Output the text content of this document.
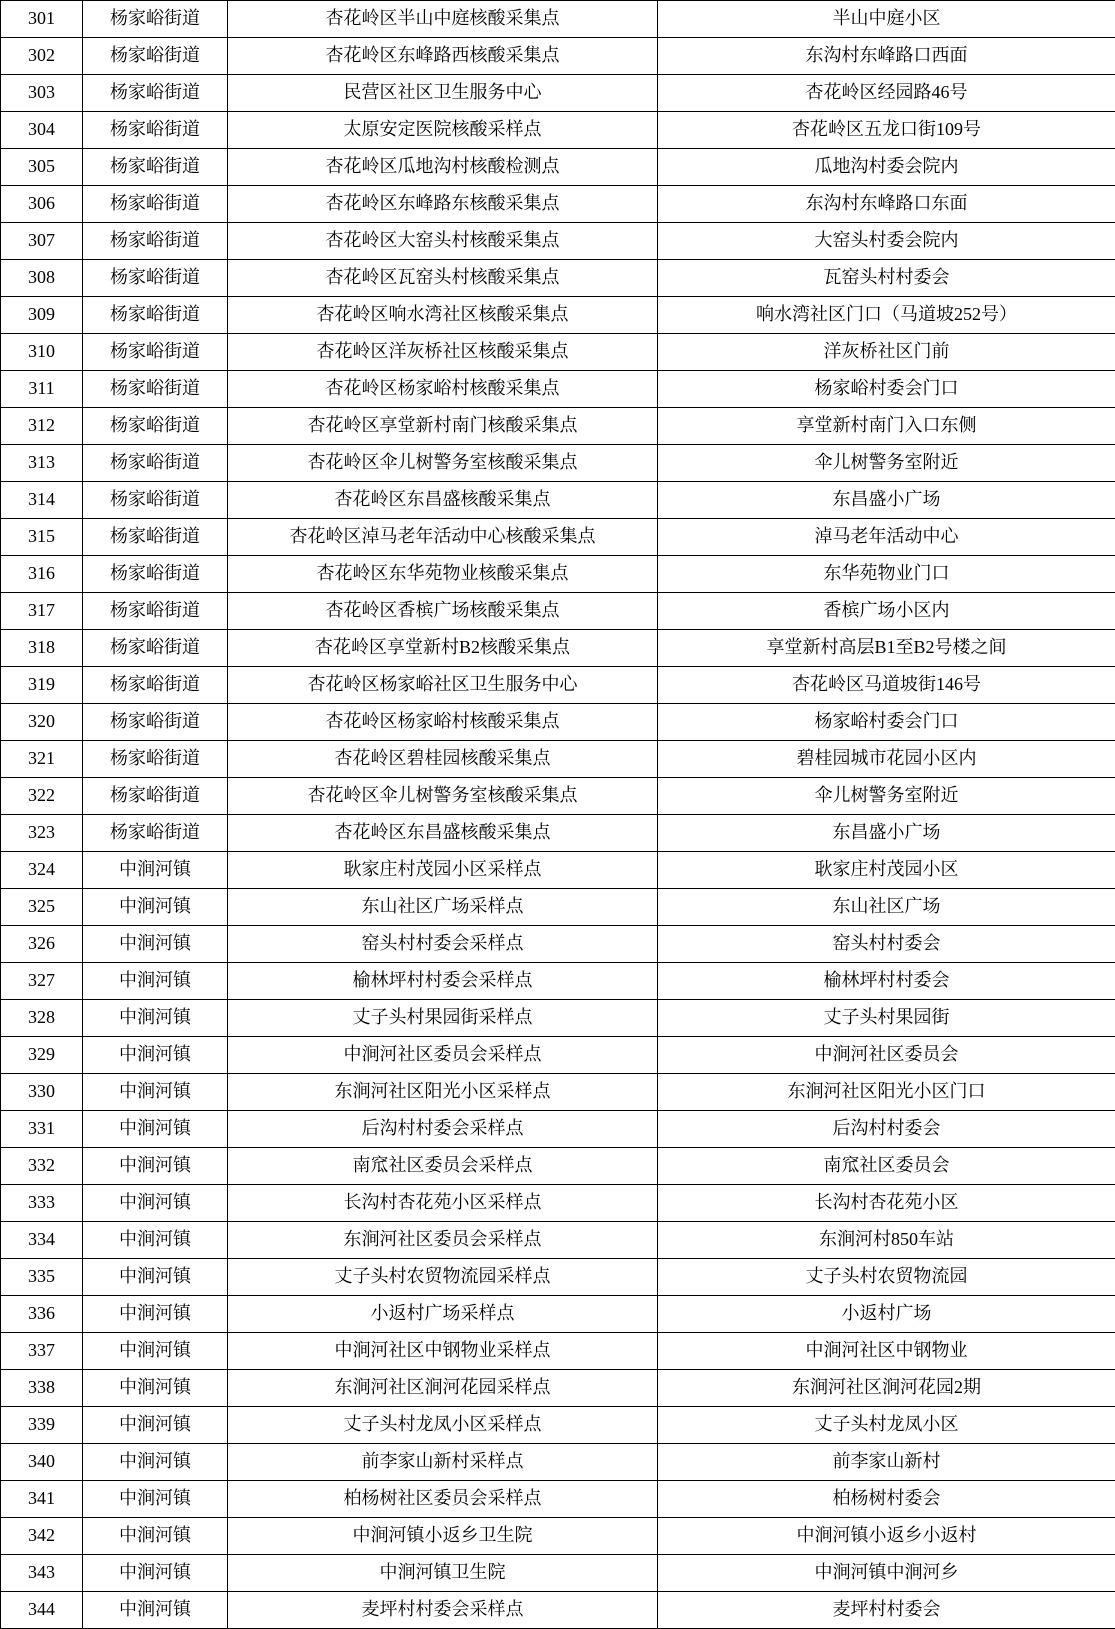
301	杨家峪街道	杏花岭区半山中庭核酸采集点	半山中庭小区
302	杨家峪街道	杏花岭区东峰路西核酸采集点	东沟村东峰路口西面
303	杨家峪街道	民营区社区卫生服务中心	杏花岭区经园路46号
304	杨家峪街道	太原安定医院核酸采样点	杏花岭区五龙口街109号
305	杨家峪街道	杏花岭区瓜地沟村核酸检测点	瓜地沟村委会院内
306	杨家峪街道	杏花岭区东峰路东核酸采集点	东沟村东峰路口东面
307	杨家峪街道	杏花岭区大窑头村核酸采集点	大窑头村委会院内
308	杨家峪街道	杏花岭区瓦窑头村核酸采集点	瓦窑头村村委会
309	杨家峪街道	杏花岭区响水湾社区核酸采集点	响水湾社区门口（马道坡252号）
310	杨家峪街道	杏花岭区洋灰桥社区核酸采集点	洋灰桥社区门前
311	杨家峪街道	杏花岭区杨家峪村核酸采集点	杨家峪村委会门口
312	杨家峪街道	杏花岭区享堂新村南门核酸采集点	享堂新村南门入口东侧
313	杨家峪街道	杏花岭区伞儿树警务室核酸采集点	伞儿树警务室附近
314	杨家峪街道	杏花岭区东昌盛核酸采集点	东昌盛小广场
315	杨家峪街道	杏花岭区淖马老年活动中心核酸采集点	淖马老年活动中心
316	杨家峪街道	杏花岭区东华苑物业核酸采集点	东华苑物业门口
317	杨家峪街道	杏花岭区香槟广场核酸采集点	香槟广场小区内
318	杨家峪街道	杏花岭区享堂新村B2核酸采集点	享堂新村高层B1至B2号楼之间
319	杨家峪街道	杏花岭区杨家峪社区卫生服务中心	杏花岭区马道坡街146号
320	杨家峪街道	杏花岭区杨家峪村核酸采集点	杨家峪村委会门口
321	杨家峪街道	杏花岭区碧桂园核酸采集点	碧桂园城市花园小区内
322	杨家峪街道	杏花岭区伞儿树警务室核酸采集点	伞儿树警务室附近
323	杨家峪街道	杏花岭区东昌盛核酸采集点	东昌盛小广场
324	中涧河镇	耿家庄村茂园小区采样点	耿家庄村茂园小区
325	中涧河镇	东山社区广场采样点	东山社区广场
326	中涧河镇	窑头村村委会采样点	窑头村村委会
327	中涧河镇	榆林坪村村委会采样点	榆林坪村村委会
328	中涧河镇	丈子头村果园街采样点	丈子头村果园街
329	中涧河镇	中涧河社区委员会采样点	中涧河社区委员会
330	中涧河镇	东涧河社区阳光小区采样点	东涧河社区阳光小区门口
331	中涧河镇	后沟村村委会采样点	后沟村村委会
332	中涧河镇	南窊社区委员会采样点	南窊社区委员会
333	中涧河镇	长沟村杏花苑小区采样点	长沟村杏花苑小区
334	中涧河镇	东涧河社区委员会采样点	东涧河村850车站
335	中涧河镇	丈子头村农贸物流园采样点	丈子头村农贸物流园
336	中涧河镇	小返村广场采样点	小返村广场
337	中涧河镇	中涧河社区中钢物业采样点	中涧河社区中钢物业
338	中涧河镇	东涧河社区涧河花园采样点	东涧河社区涧河花园2期
339	中涧河镇	丈子头村龙凤小区采样点	丈子头村龙凤小区
340	中涧河镇	前李家山新村采样点	前李家山新村
341	中涧河镇	柏杨树社区委员会采样点	柏杨树村委会
342	中涧河镇	中涧河镇小返乡卫生院	中涧河镇小返乡小返村
343	中涧河镇	中涧河镇卫生院	中涧河镇中涧河乡
344	中涧河镇	麦坪村村委会采样点	麦坪村村委会
